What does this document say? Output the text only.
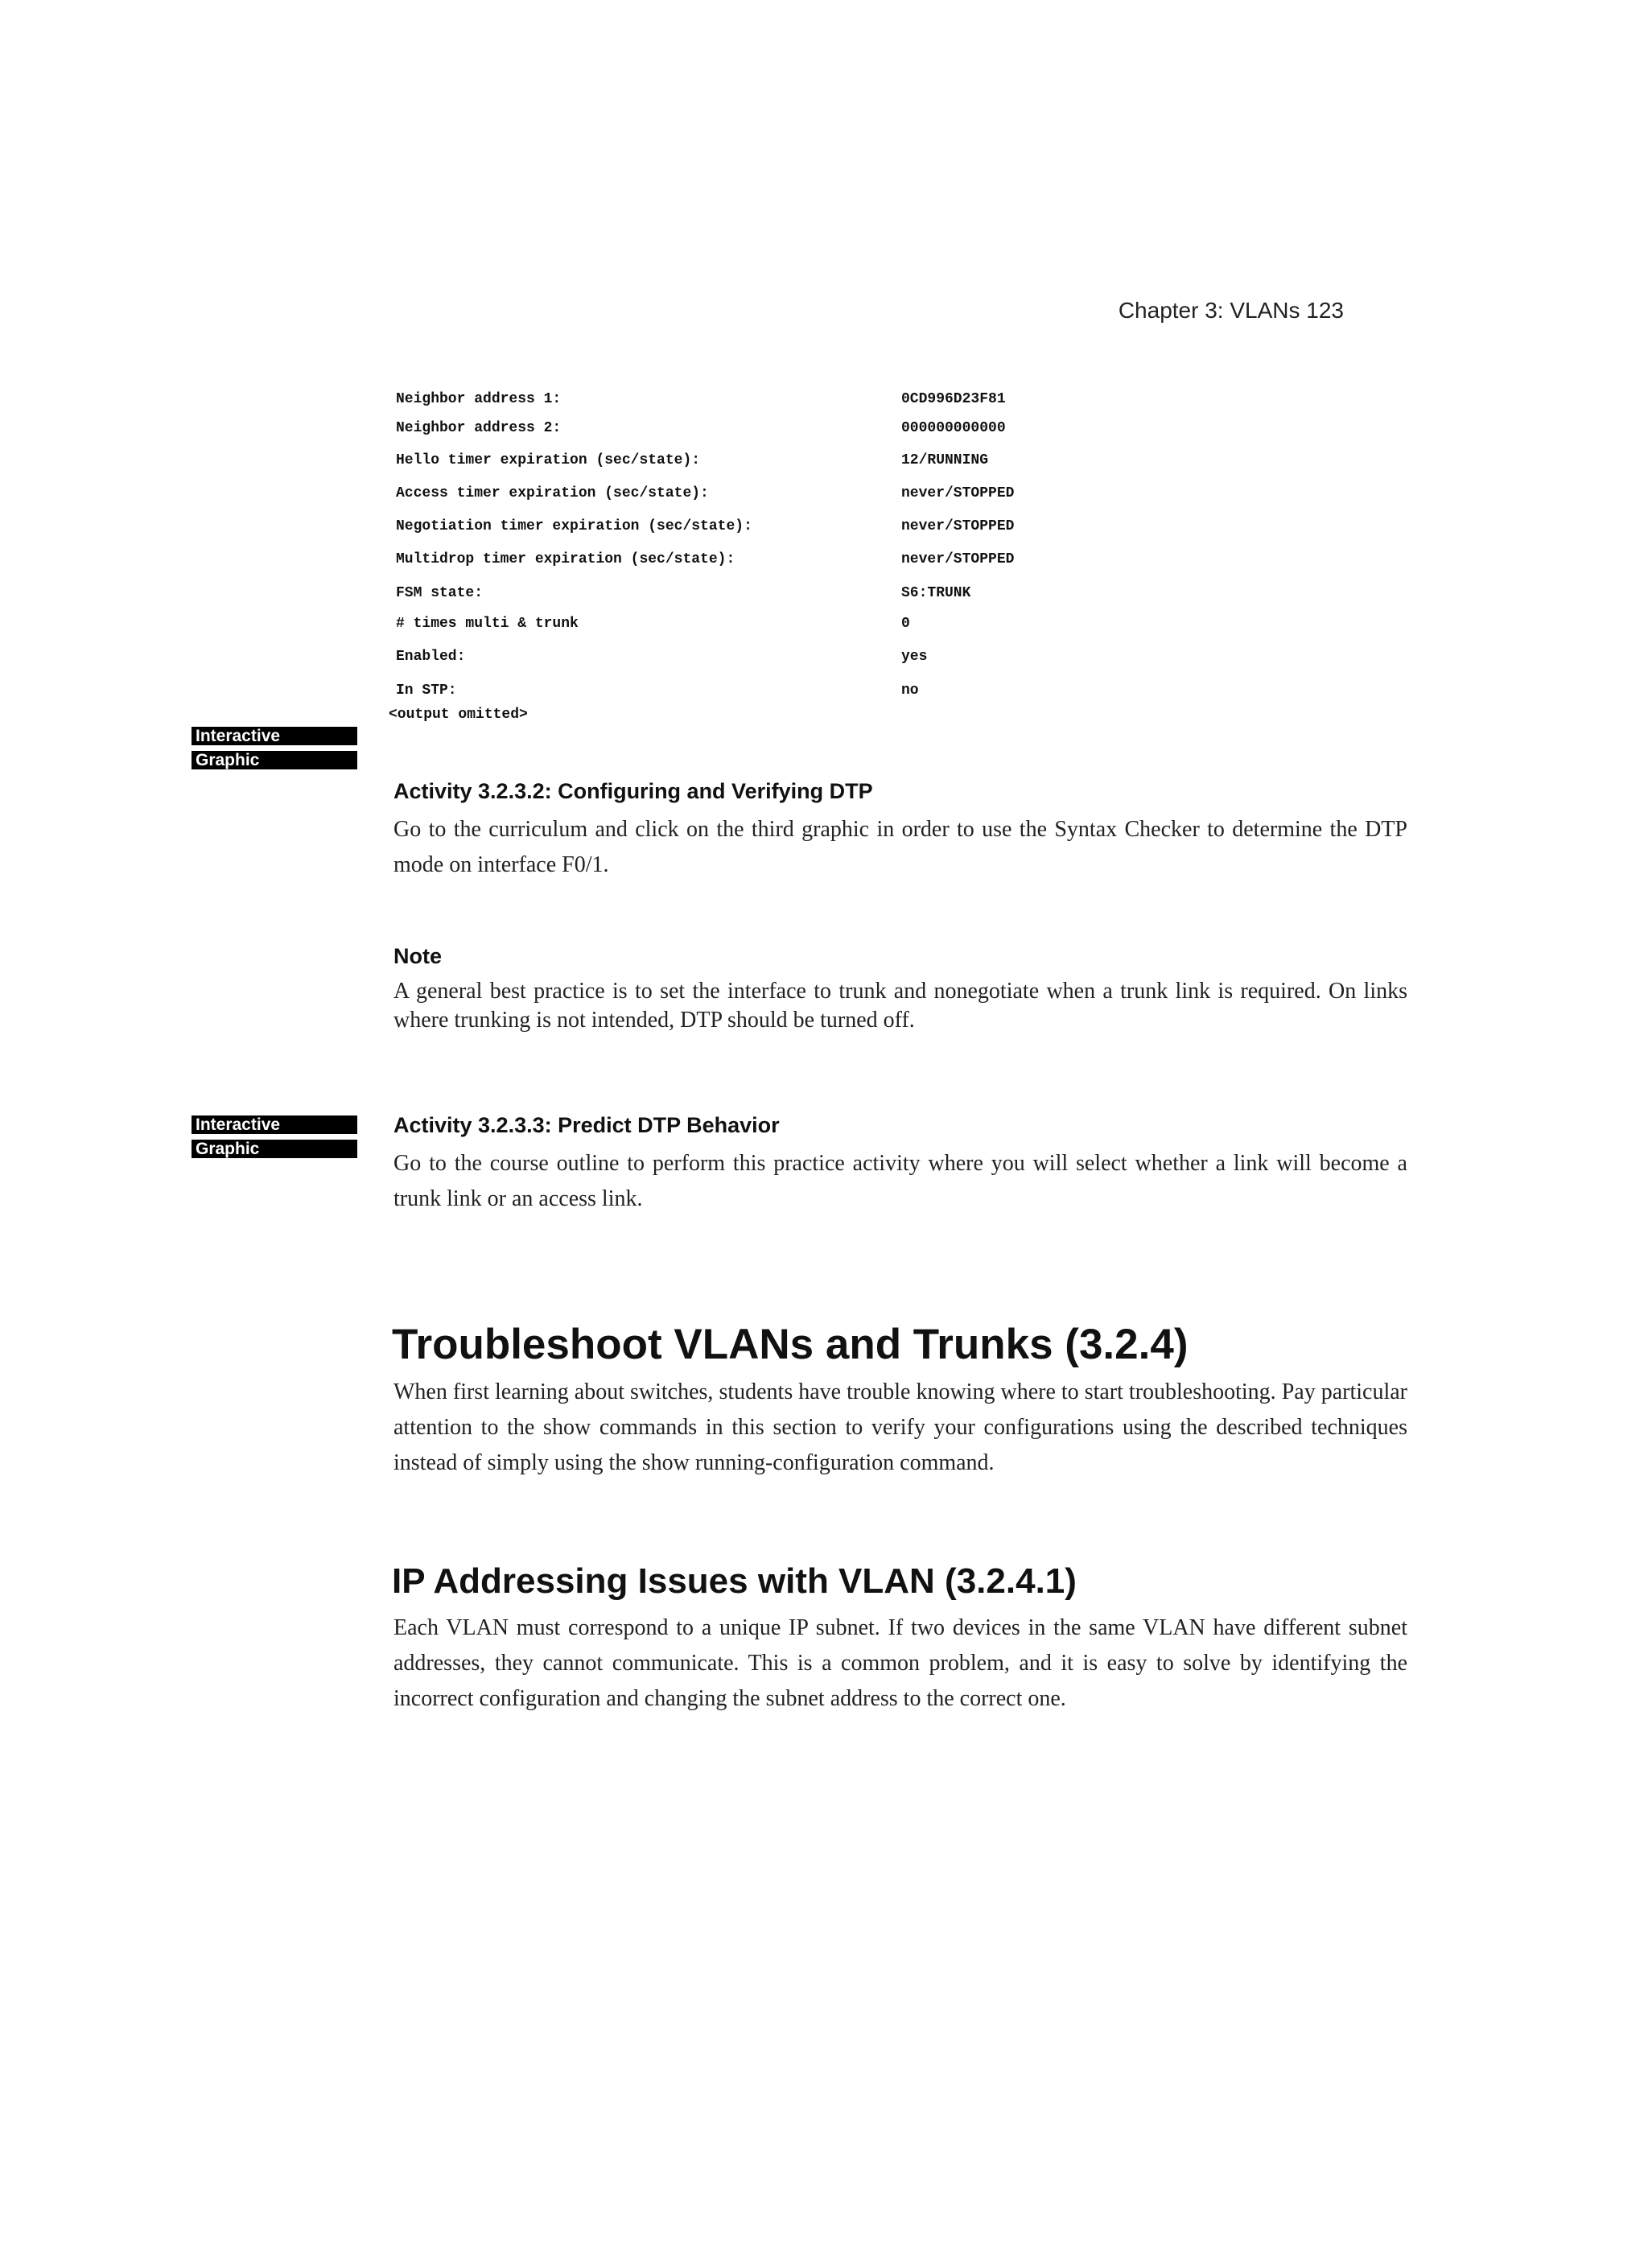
Chapter 3: VLANs 123

Neighbor address 1:

	0CD996D23F81

Neighbor address 2:

	000000000000

Hello timer expiration (sec/state):

	12/RUNNING

Access timer expiration (sec/state):

	never/STOPPED

Negotiation timer expiration (sec/state):

	never/STOPPED

Multidrop timer expiration (sec/state):

	never/STOPPED

FSM state:

	S6:TRUNK

# times multi & trunk

	0

Enabled:

	yes

In STP:

	no

<output omitted>
Interactive
Graphic
Activity 3.2.3.2: Configuring and Verifying DTP
Go to the curriculum and click on the third graphic in order to use the Syntax Checker to determine the DTP mode on interface F0/1.
Note
A general best practice is to set the interface to trunk and nonegotiate when a trunk link is required. On links where trunking is not intended, DTP should be turned off.
Interactive
Graphic
Activity 3.2.3.3: Predict DTP Behavior
Go to the course outline to perform this practice activity where you will select whether a link will become a trunk link or an access link.
Troubleshoot VLANs and Trunks (3.2.4)
When first learning about switches, students have trouble knowing where to start troubleshooting. Pay particular attention to the show commands in this section to verify your configurations using the described techniques instead of simply using the show running-configuration command.
IP Addressing Issues with VLAN (3.2.4.1)
Each VLAN must correspond to a unique IP subnet. If two devices in the same VLAN have different subnet addresses, they cannot communicate. This is a common problem, and it is easy to solve by identifying the incorrect configuration and changing the subnet address to the correct one.
